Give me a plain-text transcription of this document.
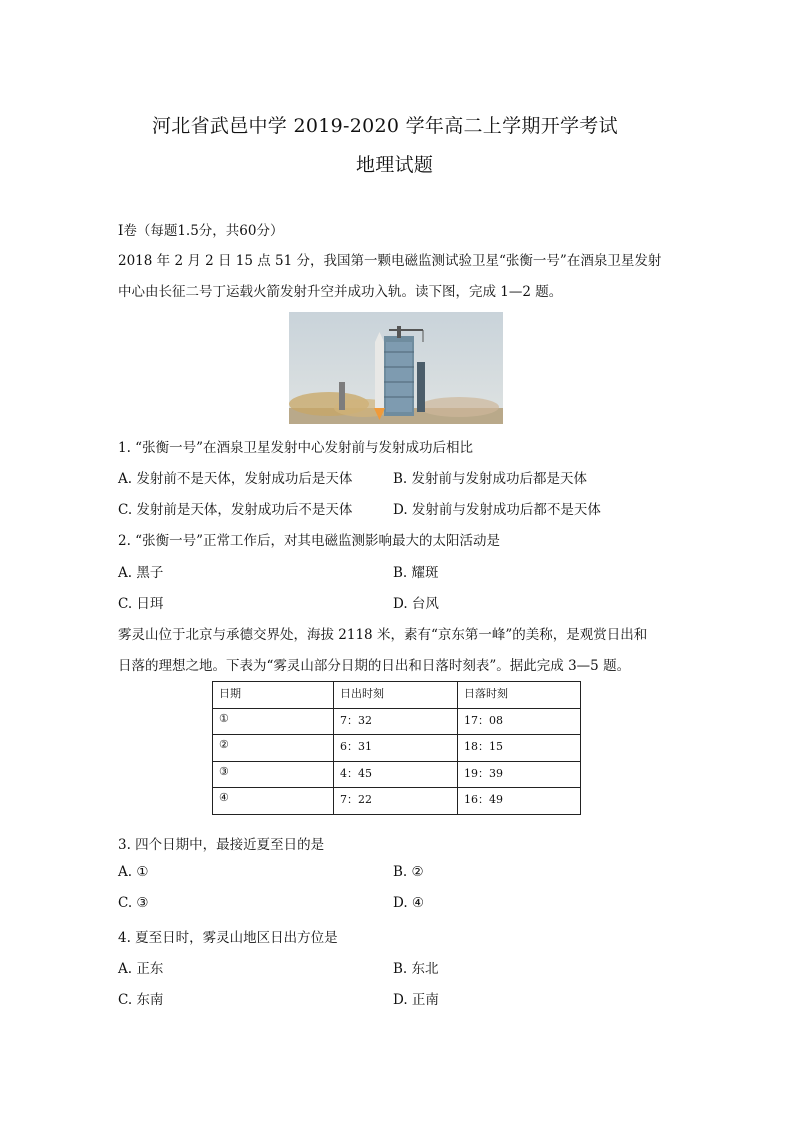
河北省武邑中学 2019-2020 学年高二上学期开学考试
地理试题
Ⅰ卷（每题1.5分，共60分）
2018 年 2 月 2 日 15 点 51 分，我国第一颗电磁监测试验卫星“张衡一号”在酒泉卫星发射
中心由长征二号丁运载火箭发射升空并成功入轨。读下图，完成 1—2 题。
1. “张衡一号”在酒泉卫星发射中心发射前与发射成功后相比
A. 发射前不是天体，发射成功后是天体	B. 发射前与发射成功后都是天体
C. 发射前是天体，发射成功后不是天体	D. 发射前与发射成功后都不是天体
2. “张衡一号”正常工作后，对其电磁监测影响最大的太阳活动是
A. 黑子	B. 耀斑
C. 日珥	D. 台风
雾灵山位于北京与承德交界处，海拔 2118 米，素有“京东第一峰”的美称，是观赏日出和
日落的理想之地。下表为“雾灵山部分日期的日出和日落时刻表”。据此完成 3—5 题。
日期	日出时刻	日落时刻
①	7：32	17：08
②	6：31	18：15
③	4：45	19：39
④	7：22	16：49
3. 四个日期中，最接近夏至日的是
A. ①	B. ②
C. ③	D. ④
4. 夏至日时，雾灵山地区日出方位是
A. 正东	B. 东北
C. 东南	D. 正南
